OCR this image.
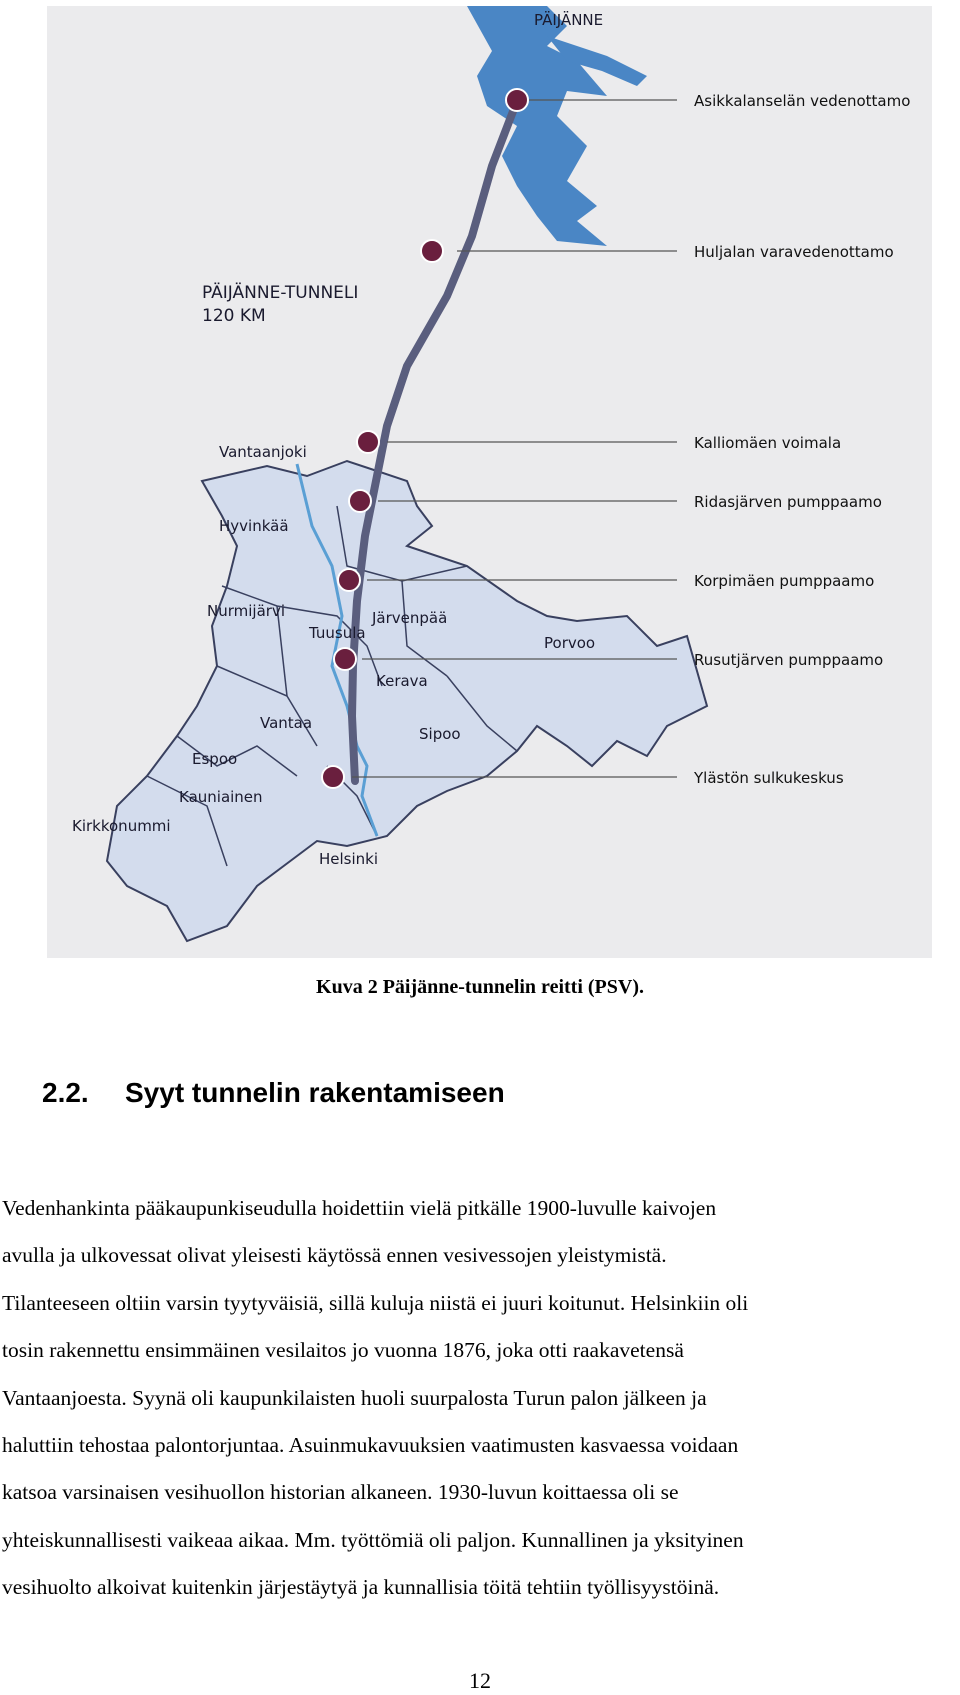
PÄIJÄNNE
PÄIJÄNNE-TUNNELI
120 KM
Asikkalanselän vedenottamo
Huljalan varavedenottamo
Kalliomäen voimala
Ridasjärven pumppaamo
Korpimäen pumppaamo
Rusutjärven pumppaamo
Ylästön sulkukeskus
Vantaanjoki
Hyvinkää
Nurmijärvi
Tuusula
Järvenpää
Porvoo
Kerava
Vantaa
Sipoo
Espoo
Kauniainen
Kirkkonummi
Helsinki
Kuva 2 Päijänne-tunnelin reitti (PSV).
2.2. Syyt tunnelin rakentamiseen
Vedenhankinta pääkaupunkiseudulla hoidettiin vielä pitkälle 1900-luvulle kaivojen
avulla ja ulkovessat olivat yleisesti käytössä ennen vesivessojen yleistymistä.
Tilanteeseen oltiin varsin tyytyväisiä, sillä kuluja niistä ei juuri koitunut. Helsinkiin oli
tosin rakennettu ensimmäinen vesilaitos jo vuonna 1876, joka otti raakavetensä
Vantaanjoesta. Syynä oli kaupunkilaisten huoli suurpalosta Turun palon jälkeen ja
haluttiin tehostaa palontorjuntaa. Asuinmukavuuksien vaatimusten kasvaessa voidaan
katsoa varsinaisen vesihuollon historian alkaneen. 1930-luvun koittaessa oli se
yhteiskunnallisesti vaikeaa aikaa. Mm. työttömiä oli paljon. Kunnallinen ja yksityinen
vesihuolto alkoivat kuitenkin järjestäytyä ja kunnallisia töitä tehtiin työllisyystöinä.
12
